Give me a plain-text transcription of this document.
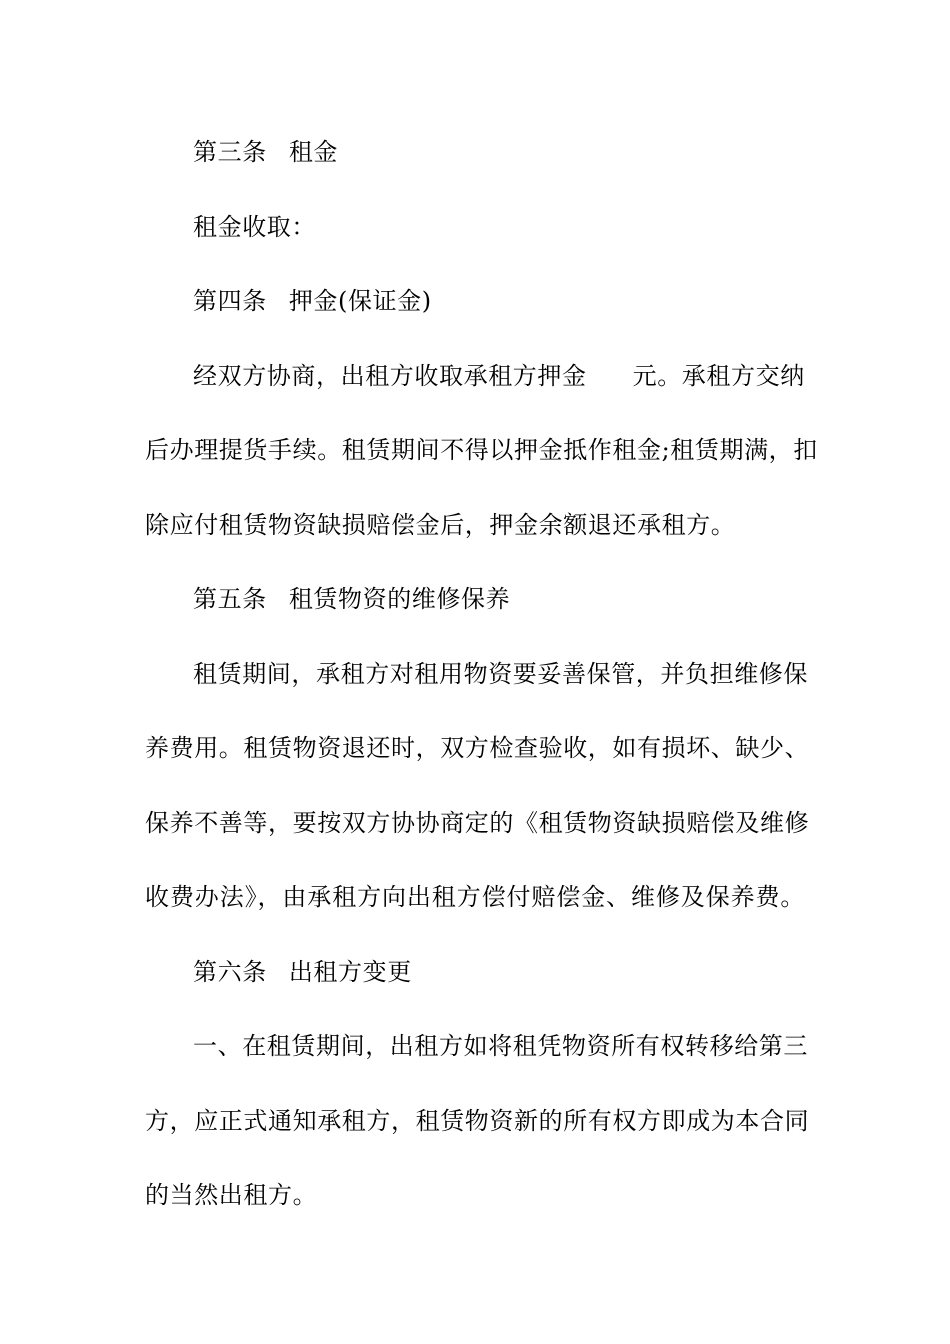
第三条 租金
租金收取：
第四条 押金(保证金)
经双方协商，出租方收取承租方押金 元。承租方交纳
后办理提货手续。租赁期间不得以押金抵作租金;租赁期满，扣
除应付租赁物资缺损赔偿金后，押金余额退还承租方。
第五条 租赁物资的维修保养
租赁期间，承租方对租用物资要妥善保管，并负担维修保
养费用。租赁物资退还时，双方检查验收，如有损坏、缺少、
保养不善等，要按双方协协商定的《租赁物资缺损赔偿及维修
收费办法》，由承租方向出租方偿付赔偿金、维修及保养费。
第六条 出租方变更
一、在租赁期间，出租方如将租凭物资所有权转移给第三
方，应正式通知承租方，租赁物资新的所有权方即成为本合同
的当然出租方。
